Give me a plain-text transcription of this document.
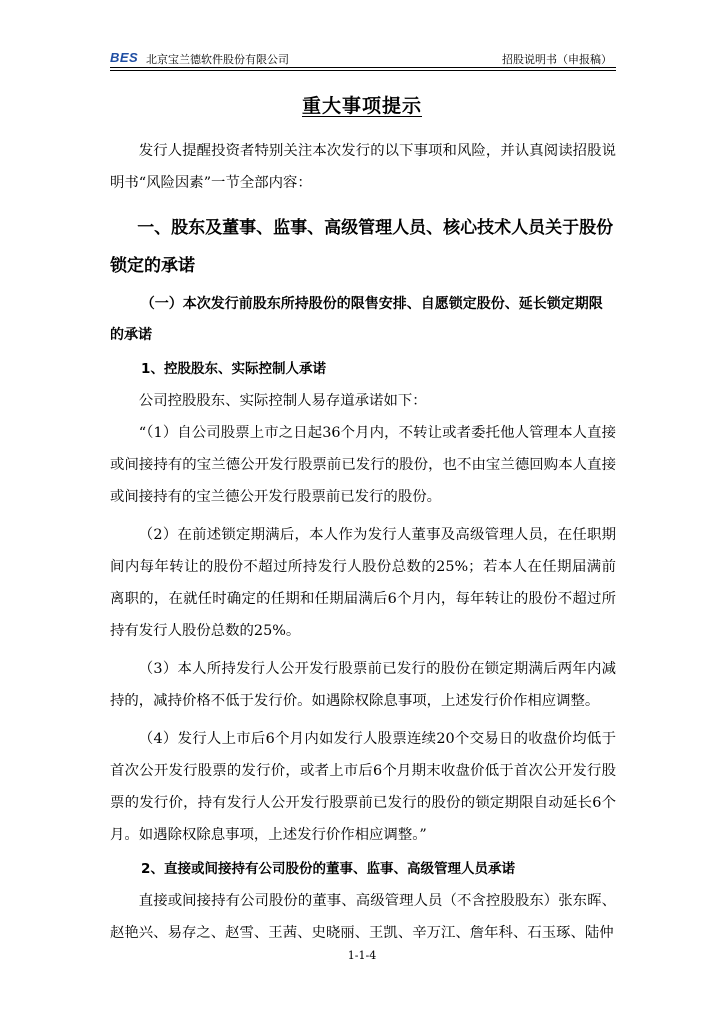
BES 北京宝兰德软件股份有限公司	招股说明书（申报稿）
重大事项提示

发行人提醒投资者特别关注本次发行的以下事项和风险，并认真阅读招股说明书“风险因素”一节全部内容：

一、股东及董事、监事、高级管理人员、核心技术人员关于股份锁定的承诺

（一）本次发行前股东所持股份的限售安排、自愿锁定股份、延长锁定期限的承诺

1、控股股东、实际控制人承诺

公司控股股东、实际控制人易存道承诺如下：

“（1）自公司股票上市之日起36个月内，不转让或者委托他人管理本人直接或间接持有的宝兰德公开发行股票前已发行的股份，也不由宝兰德回购本人直接或间接持有的宝兰德公开发行股票前已发行的股份。

（2）在前述锁定期满后，本人作为发行人董事及高级管理人员，在任职期间内每年转让的股份不超过所持发行人股份总数的25%；若本人在任期届满前离职的，在就任时确定的任期和任期届满后6个月内，每年转让的股份不超过所持有发行人股份总数的25%。

（3）本人所持发行人公开发行股票前已发行的股份在锁定期满后两年内减持的，减持价格不低于发行价。如遇除权除息事项，上述发行价作相应调整。

（4）发行人上市后6个月内如发行人股票连续20个交易日的收盘价均低于首次公开发行股票的发行价，或者上市后6个月期末收盘价低于首次公开发行股票的发行价，持有发行人公开发行股票前已发行的股份的锁定期限自动延长6个月。如遇除权除息事项，上述发行价作相应调整。”

2、直接或间接持有公司股份的董事、监事、高级管理人员承诺

直接或间接持有公司股份的董事、高级管理人员（不含控股股东）张东晖、赵艳兴、易存之、赵雪、王茜、史晓丽、王凯、辛万江、詹年科、石玉琢、陆仲

1-1-4
